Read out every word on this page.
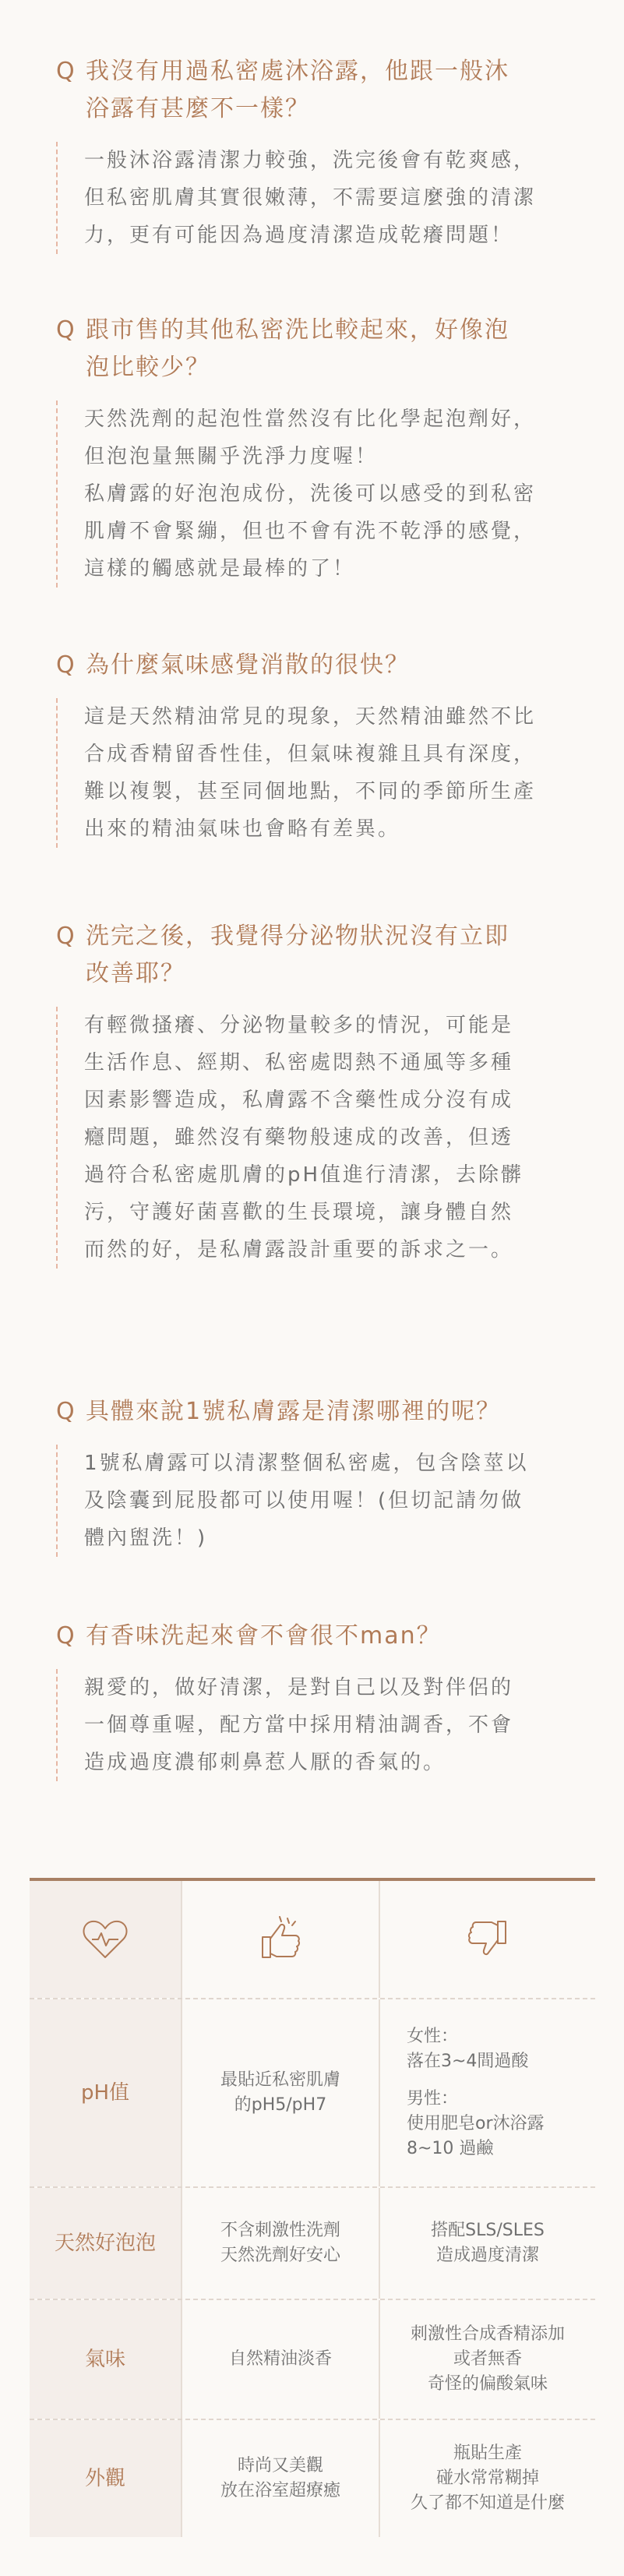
Q 我沒有用過私密處沐浴露，他跟一般沐
浴露有甚麼不一樣？
一般沐浴露清潔力較強，洗完後會有乾爽感，
但私密肌膚其實很嫩薄，不需要這麼強的清潔
力，更有可能因為過度清潔造成乾癢問題！
Q 跟市售的其他私密洗比較起來，好像泡
泡比較少？
天然洗劑的起泡性當然沒有比化學起泡劑好，
但泡泡量無關乎洗淨力度喔！
私膚露的好泡泡成份，洗後可以感受的到私密
肌膚不會緊繃，但也不會有洗不乾淨的感覺，
這樣的觸感就是最棒的了！
Q 為什麼氣味感覺消散的很快？
這是天然精油常見的現象，天然精油雖然不比
合成香精留香性佳，但氣味複雜且具有深度，
難以複製，甚至同個地點，不同的季節所生產
出來的精油氣味也會略有差異。
Q 洗完之後，我覺得分泌物狀況沒有立即
改善耶？
有輕微搔癢、分泌物量較多的情況，可能是
生活作息、經期、私密處悶熱不通風等多種
因素影響造成，私膚露不含藥性成分沒有成
癮問題，雖然沒有藥物般速成的改善，但透
過符合私密處肌膚的pH值進行清潔，去除髒
污，守護好菌喜歡的生長環境，讓身體自然
而然的好，是私膚露設計重要的訴求之一。
Q 具體來說1號私膚露是清潔哪裡的呢？
1號私膚露可以清潔整個私密處，包含陰莖以
及陰囊到屁股都可以使用喔！(但切記請勿做
體內盥洗！)
Q 有香味洗起來會不會很不man？
親愛的，做好清潔，是對自己以及對伴侶的
一個尊重喔，配方當中採用精油調香，不會
造成過度濃郁刺鼻惹人厭的香氣的。
pH值
最貼近私密肌膚
的pH5/pH7
女性：
落在3~4間過酸
男性：
使用肥皂or沐浴露
8~10 過鹼
天然好泡泡
不含刺激性洗劑
天然洗劑好安心
搭配SLS/SLES
造成過度清潔
氣味	自然精油淡香
刺激性合成香精添加
或者無香
奇怪的偏酸氣味
外觀
時尚又美觀
放在浴室超療癒
瓶貼生產
碰水常常糊掉
久了都不知道是什麼
